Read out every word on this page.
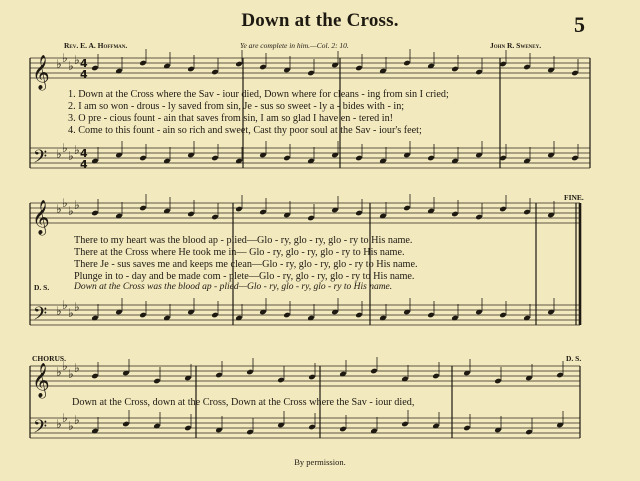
𝄞
𝄢
𝄞
𝄢
𝄞
𝄢
♭ ♭
♭ ♭
♭ ♭
♭ ♭
♭ ♭
♭ ♭
♭ ♭
♭ ♭
♭ ♭
♭ ♭
♭ ♭
♭ ♭
4
4
4
4
Down at the Cross.	5
Rev. E. A. Hoffman.	Ye are complete in him.—Col. 2: 10.	John R. Sweney.
1. Down at the Cross where the Sav - iour died, Down where for cleans - ing from sin I cried;
2. I am so won - drous - ly saved from sin, Je - sus so sweet - ly a - bides with - in;
3. O pre - cious fount - ain that saves from sin, I am so glad I have en - tered in!
4. Come to this fount - ain so rich and sweet, Cast thy poor soul at the Sav - iour's feet;
FINE.
There to my heart was the blood ap - plied—Glo - ry, glo - ry, glo - ry to His name.
There at the Cross where He took me in— Glo - ry, glo - ry, glo - ry to His name.
There Je - sus saves me and keeps me clean—Glo - ry, glo - ry, glo - ry to His name.
Plunge in to - day and be made com - plete—Glo - ry, glo - ry, glo - ry to His name.
D. S.	Down at the Cross was the blood ap - plied—Glo - ry, glo - ry, glo - ry to His name.
CHORUS.	D. S.
Down at the Cross, down at the Cross, Down at the Cross where the Sav - iour died,
By permission.
